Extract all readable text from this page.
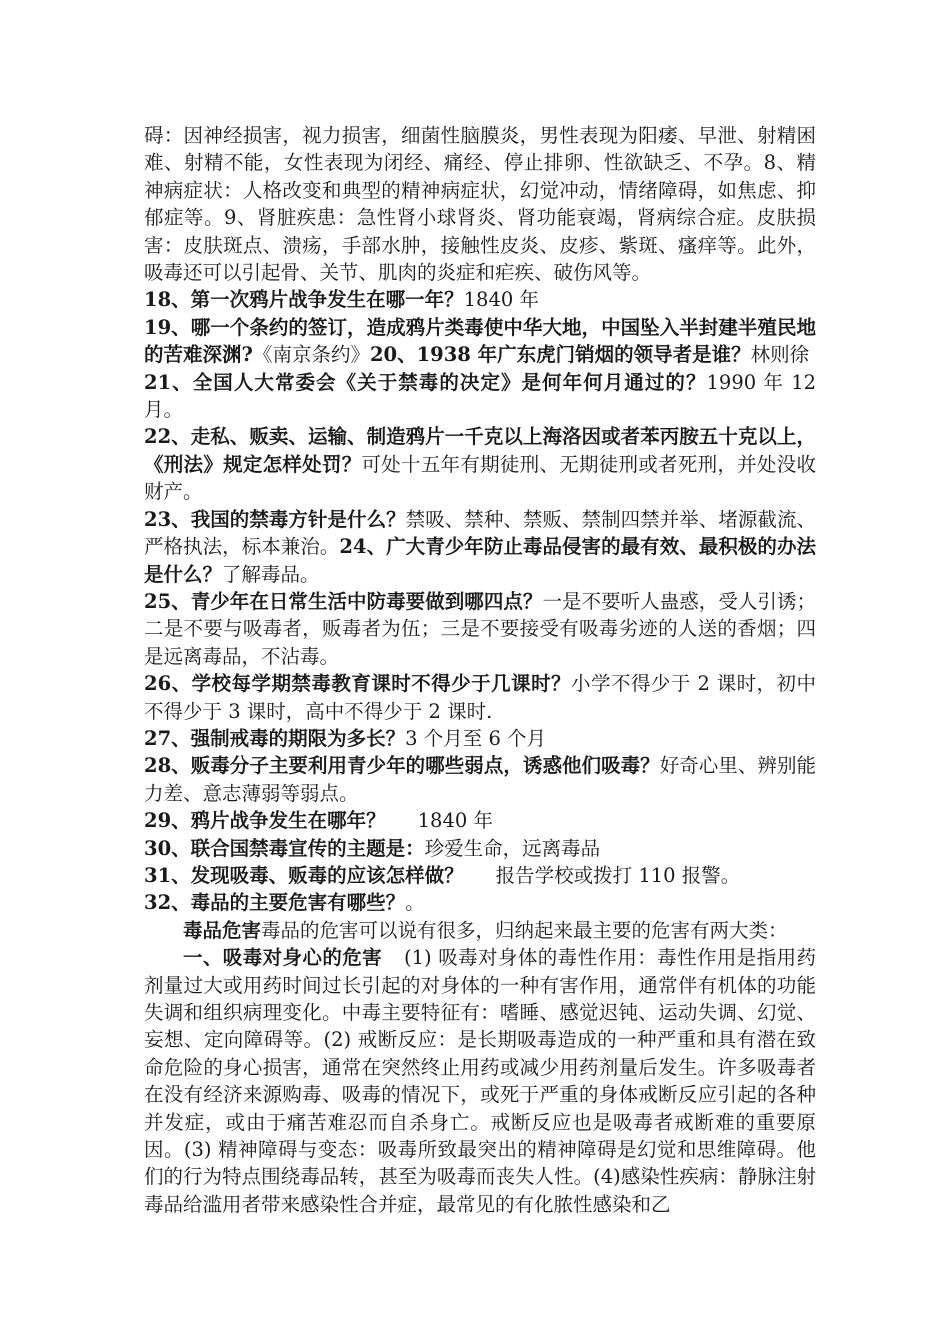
碍：因神经损害，视力损害，细菌性脑膜炎，男性表现为阳痿、早泄、射精困难、射精不能，女性表现为闭经、痛经、停止排卵、性欲缺乏、不孕。8、精神病症状：人格改变和典型的精神病症状，幻觉冲动，情绪障碍，如焦虑、抑郁症等。9、肾脏疾患：急性肾小球肾炎、肾功能衰竭，肾病综合症。皮肤损害：皮肤斑点、溃疡，手部水肿，接触性皮炎、皮疹、紫斑、瘙痒等。此外，吸毒还可以引起骨、关节、肌肉的炎症和疟疾、破伤风等。

18、第一次鸦片战争发生在哪一年？1840 年

19、哪一个条约的签订，造成鸦片类毒使中华大地，中国坠入半封建半殖民地的苦难深渊?《南京条约》20、1938 年广东虎门销烟的领导者是谁？林则徐

21、全国人大常委会《关于禁毒的决定》是何年何月通过的？1990 年 12 月。

22、走私、贩卖、运输、制造鸦片一千克以上海洛因或者苯丙胺五十克以上，《刑法》规定怎样处罚？可处十五年有期徒刑、无期徒刑或者死刑，并处没收财产。

23、我国的禁毒方针是什么？禁吸、禁种、禁贩、禁制四禁并举、堵源截流、严格执法，标本兼治。24、广大青少年防止毒品侵害的最有效、最积极的办法是什么？了解毒品。

25、青少年在日常生活中防毒要做到哪四点？一是不要听人蛊惑，受人引诱；二是不要与吸毒者，贩毒者为伍；三是不要接受有吸毒劣迹的人送的香烟；四是远离毒品，不沾毒。

26、学校每学期禁毒教育课时不得少于几课时？小学不得少于 2 课时，初中不得少于 3 课时，高中不得少于 2 课时.

27、强制戒毒的期限为多长？3 个月至 6 个月

28、贩毒分子主要利用青少年的哪些弱点，诱惑他们吸毒？好奇心里、辨别能力差、意志薄弱等弱点。

29、鸦片战争发生在哪年？ 1840 年

30、联合国禁毒宣传的主题是：珍爱生命，远离毒品

31、发现吸毒、贩毒的应该怎样做？ 报告学校或拨打 110 报警。

32、毒品的主要危害有哪些？。

毒品危害毒品的危害可以说有很多，归纳起来最主要的危害有两大类：

一、吸毒对身心的危害 (1) 吸毒对身体的毒性作用：毒性作用是指用药剂量过大或用药时间过长引起的对身体的一种有害作用，通常伴有机体的功能失调和组织病理变化。中毒主要特征有：嗜睡、感觉迟钝、运动失调、幻觉、妄想、定向障碍等。(2) 戒断反应：是长期吸毒造成的一种严重和具有潜在致命危险的身心损害，通常在突然终止用药或减少用药剂量后发生。许多吸毒者在没有经济来源购毒、吸毒的情况下，或死于严重的身体戒断反应引起的各种并发症，或由于痛苦难忍而自杀身亡。戒断反应也是吸毒者戒断难的重要原因。(3) 精神障碍与变态：吸毒所致最突出的精神障碍是幻觉和思维障碍。他们的行为特点围绕毒品转，甚至为吸毒而丧失人性。(4)感染性疾病：静脉注射毒品给滥用者带来感染性合并症，最常见的有化脓性感染和乙
